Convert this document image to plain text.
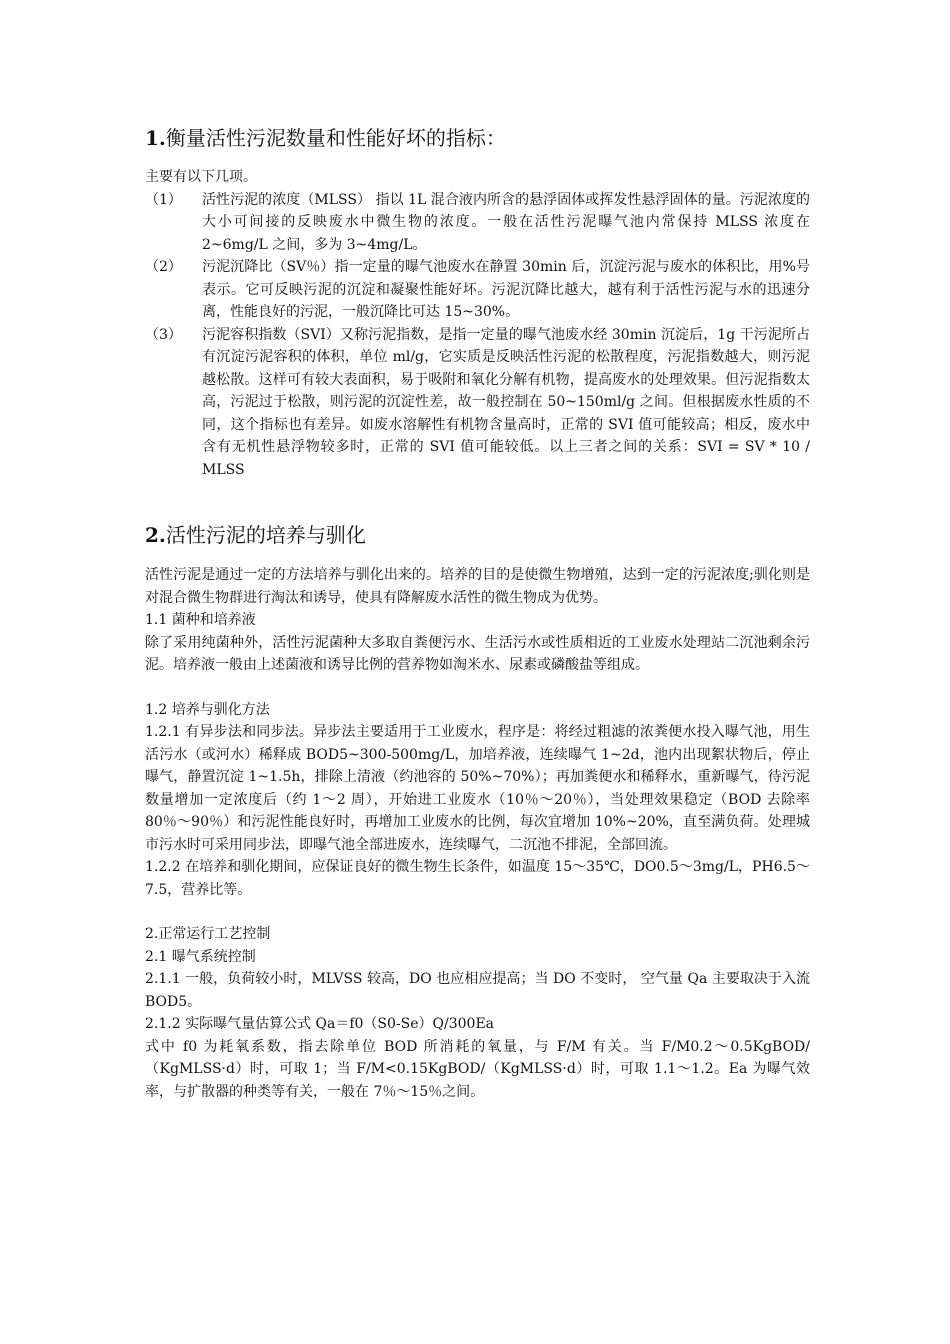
1.衡量活性污泥数量和性能好坏的指标：

主要有以下几项。

（1） 活性污泥的浓度（MLSS） 指以 1L 混合液内所含的悬浮固体或挥发性悬浮固体的量。污泥浓度的大小可间接的反映废水中微生物的浓度。一般在活性污泥曝气池内常保持 MLSS 浓度在 2~6mg/L 之间，多为 3~4mg/L。

（2） 污泥沉降比（SV％）指一定量的曝气池废水在静置 30min 后，沉淀污泥与废水的体积比，用%号表示。它可反映污泥的沉淀和凝聚性能好坏。污泥沉降比越大，越有利于活性污泥与水的迅速分离，性能良好的污泥，一般沉降比可达 15~30%。

（3） 污泥容积指数（SVI）又称污泥指数，是指一定量的曝气池废水经 30min 沉淀后，1g 干污泥所占有沉淀污泥容积的体积，单位 ml/g，它实质是反映活性污泥的松散程度，污泥指数越大，则污泥越松散。这样可有较大表面积，易于吸附和氧化分解有机物，提高废水的处理效果。但污泥指数太高，污泥过于松散，则污泥的沉淀性差，故一般控制在 50~150ml/g 之间。但根据废水性质的不同，这个指标也有差异。如废水溶解性有机物含量高时，正常的 SVI 值可能较高；相反，废水中含有无机性悬浮物较多时，正常的 SVI 值可能较低。以上三者之间的关系：SVI = SV * 10 / MLSS

2.活性污泥的培养与驯化

活性污泥是通过一定的方法培养与驯化出来的。培养的目的是使微生物增殖，达到一定的污泥浓度;驯化则是对混合微生物群进行淘汰和诱导，使具有降解废水活性的微生物成为优势。

1.1 菌种和培养液

除了采用纯菌种外，活性污泥菌种大多取自粪便污水、生活污水或性质相近的工业废水处理站二沉池剩余污泥。培养液一般由上述菌液和诱导比例的营养物如淘米水、尿素或磷酸盐等组成。

1.2 培养与驯化方法

1.2.1 有异步法和同步法。异步法主要适用于工业废水，程序是：将经过粗滤的浓粪便水投入曝气池，用生活污水（或河水）稀释成 BOD5~300-500mg/L，加培养液，连续曝气 1~2d，池内出现絮状物后，停止曝气，静置沉淀 1~1.5h，排除上清液（约池容的 50%~70%）；再加粪便水和稀释水，重新曝气，待污泥数量增加一定浓度后（约 1～2 周），开始进工业废水（10％～20％），当处理效果稳定（BOD 去除率 80％～90％）和污泥性能良好时，再增加工业废水的比例，每次宜增加 10%~20%，直至满负荷。处理城市污水时可采用同步法，即曝气池全部进废水，连续曝气，二沉池不排泥，全部回流。

1.2.2 在培养和驯化期间，应保证良好的微生物生长条件，如温度 15～35℃，DO0.5～3mg/L，PH6.5～7.5，营养比等。

2.正常运行工艺控制

2.1 曝气系统控制

2.1.1 一般，负荷较小时，MLVSS 较高，DO 也应相应提高；当 DO 不变时， 空气量 Qa 主要取决于入流 BOD5。

2.1.2 实际曝气量估算公式 Qa＝f0（S0-Se）Q/300Ea

式中 f0 为耗氧系数，指去除单位 BOD 所消耗的氧量，与 F/M 有关。当 F/M0.2～0.5KgBOD/（KgMLSS·d）时，可取 1；当 F/M<0.15KgBOD/（KgMLSS·d）时，可取 1.1～1.2。Ea 为曝气效率，与扩散器的种类等有关，一般在 7％～15％之间。
